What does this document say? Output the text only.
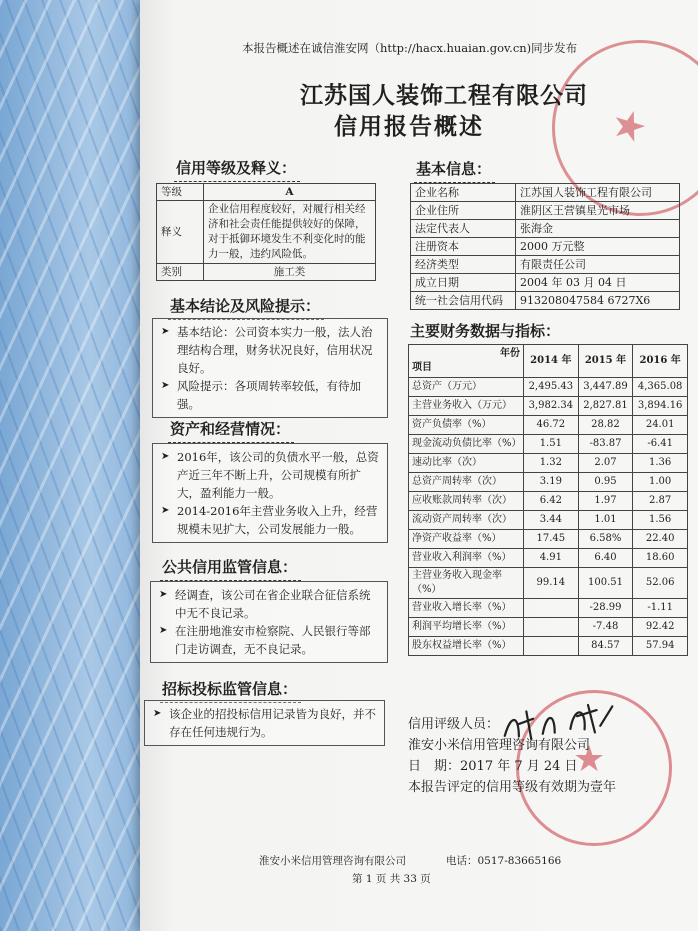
★
本报告概述在诚信淮安网（http://hacx.huaian.gov.cn)同步发布
江苏国人装饰工程有限公司
信用报告概述
信用等级及释义：
等级	A
释义	企业信用程度较好，对履行相关经济和社会责任能提供较好的保障，对于抵御环境发生不利变化时的能力一般，违约风险低。
类别	施工类
基本结论及风险提示：
➤ 基本结论：公司资本实力一般，法人治理结构合理，财务状况良好，信用状况良好。
➤ 风险提示：各项周转率较低，有待加强。
资产和经营情况：
➤ 2016年，该公司的负债水平一般，总资产近三年不断上升，公司规模有所扩大，盈利能力一般。
➤ 2014-2016年主营业务收入上升，经营规模未见扩大，公司发展能力一般。
公共信用监管信息：
➤ 经调查，该公司在省企业联合征信系统中无不良记录。
➤ 在注册地淮安市检察院、人民银行等部门走访调查，无不良记录。
招标投标监管信息：
➤ 该企业的招投标信用记录皆为良好，并不存在任何违规行为。
基本信息：
企业名称	江苏国人装饰工程有限公司
企业住所	淮阴区王营镇星光市场
法定代表人	张海金
注册资本	2000 万元整
经济类型	有限责任公司
成立日期	2004 年 03 月 04 日
统一社会信用代码	913208047584 6727X6
主要财务数据与指标：
年份
项目	2014 年	2015 年	2016 年
总资产（万元）	2,495.43	3,447.89	4,365.08
主营业务收入（万元）	3,982.34	2,827.81	3,894.16
资产负债率（%）	46.72	28.82	24.01
现金流动负债比率（%）	1.51	-83.87	-6.41
速动比率（次）	1.32	2.07	1.36
总资产周转率（次）	3.19	0.95	1.00
应收账款周转率（次）	6.42	1.97	2.87
流动资产周转率（次）	3.44	1.01	1.56
净资产收益率（%）	17.45	6.58%	22.40
营业收入利润率（%）	4.91	6.40	18.60
主营业务收入现金率（%）	99.14	100.51	52.06
营业收入增长率（%）		-28.99	-1.11
利润平均增长率（%）		-7.48	92.42
股东权益增长率（%）		84.57	57.94
★
信用评级人员：
淮安小米信用管理咨询有限公司
日　期：2017 年 7 月 24 日
本报告评定的信用等级有效期为壹年
淮安小米信用管理咨询有限公司	电话：0517-83665166
第 1 页 共 33 页
